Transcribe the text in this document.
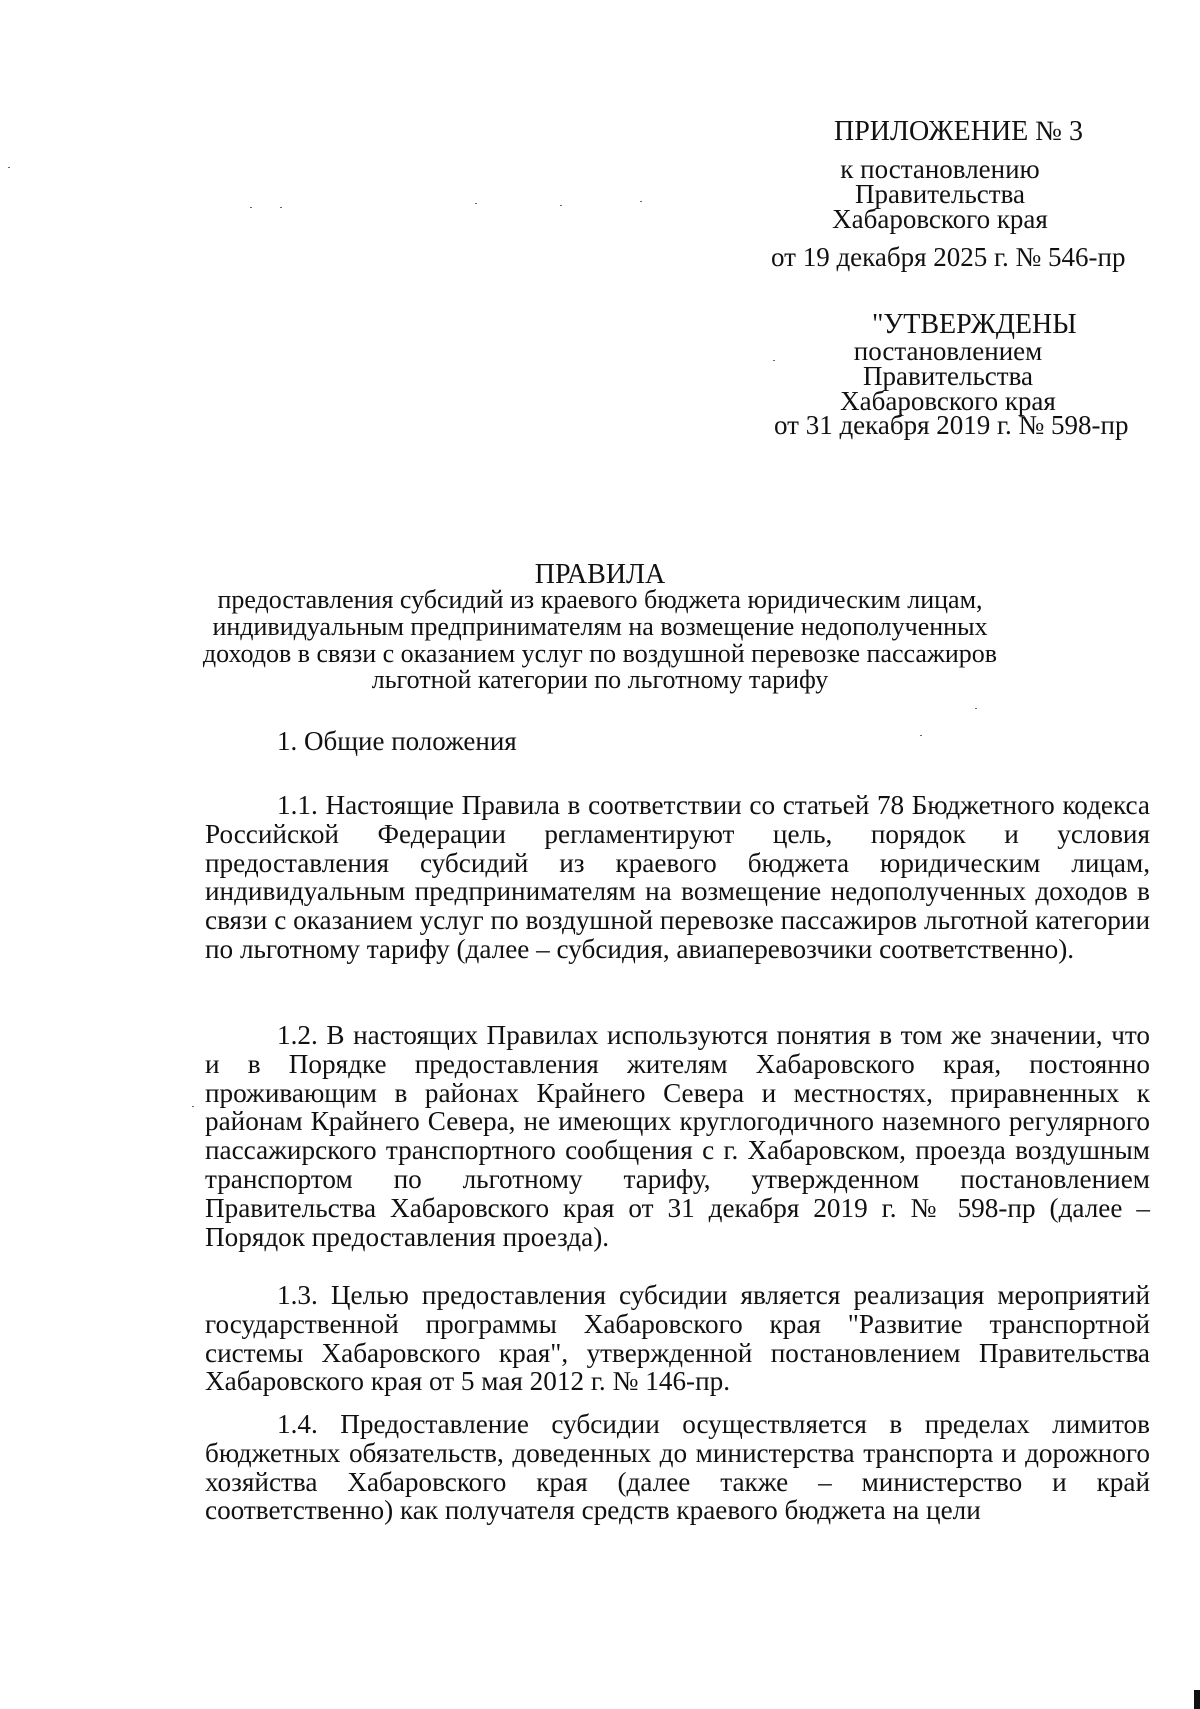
ПРИЛОЖЕНИЕ № 3
к постановлению
Правительства
Хабаровского края
от 19 декабря 2025 г. № 546-пр
"УТВЕРЖДЕНЫ
постановлением
Правительства
Хабаровского края
от 31 декабря 2019 г. № 598-пр
ПРАВИЛА
предоставления субсидий из краевого бюджета юридическим лицам,
индивидуальным предпринимателям на возмещение недополученных
доходов в связи с оказанием услуг по воздушной перевозке пассажиров
льготной категории по льготному тарифу
1. Общие положения
1.1. Настоящие Правила в соответствии со статьей 78 Бюджетного кодекса Российской Федерации регламентируют цель, порядок и условия предоставления субсидий из краевого бюджета юридическим лицам, индивидуальным предпринимателям на возмещение недополученных доходов в связи с оказанием услуг по воздушной перевозке пассажиров льготной категории по льготному тарифу (далее – субсидия, авиаперевозчики соответственно).
1.2. В настоящих Правилах используются понятия в том же значении, что и в Порядке предоставления жителям Хабаровского края, постоянно проживающим в районах Крайнего Севера и местностях, приравненных к районам Крайнего Севера, не имеющих круглогодичного наземного регулярного пассажирского транспортного сообщения с г. Хабаровском, проезда воздушным транспортом по льготному тарифу, утвержденном постановлением Правительства Хабаровского края от 31 декабря 2019 г. № 598-пр (далее – Порядок предоставления проезда).
1.3. Целью предоставления субсидии является реализация мероприятий государственной программы Хабаровского края "Развитие транспортной системы Хабаровского края", утвержденной постановлением Правительства Хабаровского края от 5 мая 2012 г. № 146-пр.
1.4. Предоставление субсидии осуществляется в пределах лимитов бюджетных обязательств, доведенных до министерства транспорта и дорожного хозяйства Хабаровского края (далее также – министерство и край соответственно) как получателя средств краевого бюджета на цели
